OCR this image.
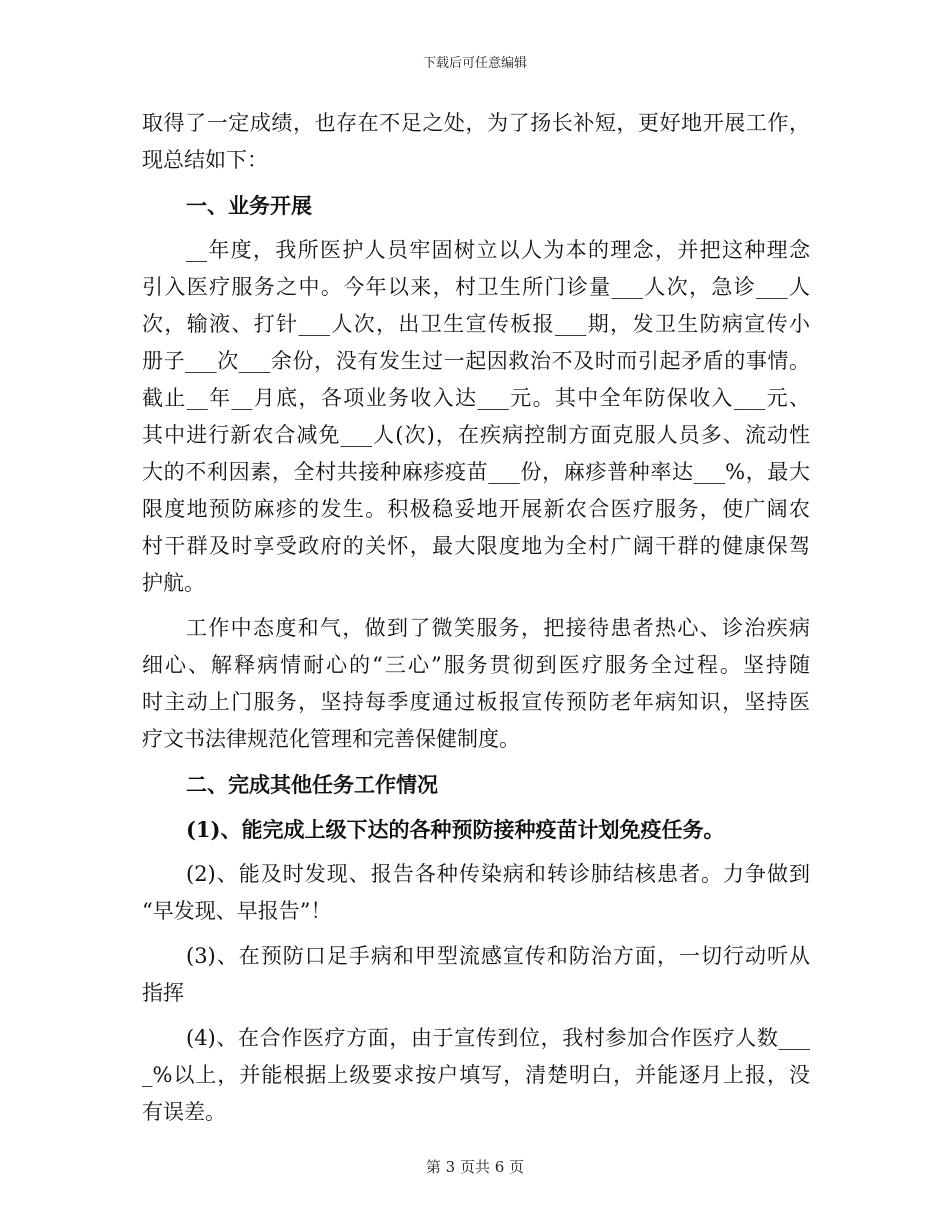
下载后可任意编辑
取得了一定成绩，也存在不足之处，为了扬长补短，更好地开展工作，
现总结如下：
一、业务开展
__年度，我所医护人员牢固树立以人为本的理念，并把这种理念
引入医疗服务之中。今年以来，村卫生所门诊量___人次，急诊___人
次，输液、打针___人次，出卫生宣传板报___期，发卫生防病宣传小
册子___次___余份，没有发生过一起因救治不及时而引起矛盾的事情。
截止__年__月底，各项业务收入达___元。其中全年防保收入___元、
其中进行新农合减免___人(次)，在疾病控制方面克服人员多、流动性
大的不利因素，全村共接种麻疹疫苗___份，麻疹普种率达___%，最大
限度地预防麻疹的发生。积极稳妥地开展新农合医疗服务，使广阔农
村干群及时享受政府的关怀，最大限度地为全村广阔干群的健康保驾
护航。
工作中态度和气，做到了微笑服务，把接待患者热心、诊治疾病
细心、解释病情耐心的“三心”服务贯彻到医疗服务全过程。坚持随
时主动上门服务，坚持每季度通过板报宣传预防老年病知识，坚持医
疗文书法律规范化管理和完善保健制度。
二、完成其他任务工作情况
(1)、能完成上级下达的各种预防接种疫苗计划免疫任务。
(2)、能及时发现、报告各种传染病和转诊肺结核患者。力争做到
“早发现、早报告”！
(3)、在预防口足手病和甲型流感宣传和防治方面，一切行动听从
指挥
(4)、在合作医疗方面，由于宣传到位，我村参加合作医疗人数___
_%以上，并能根据上级要求按户填写，清楚明白，并能逐月上报，没
有误差。
第 3 页共 6 页
